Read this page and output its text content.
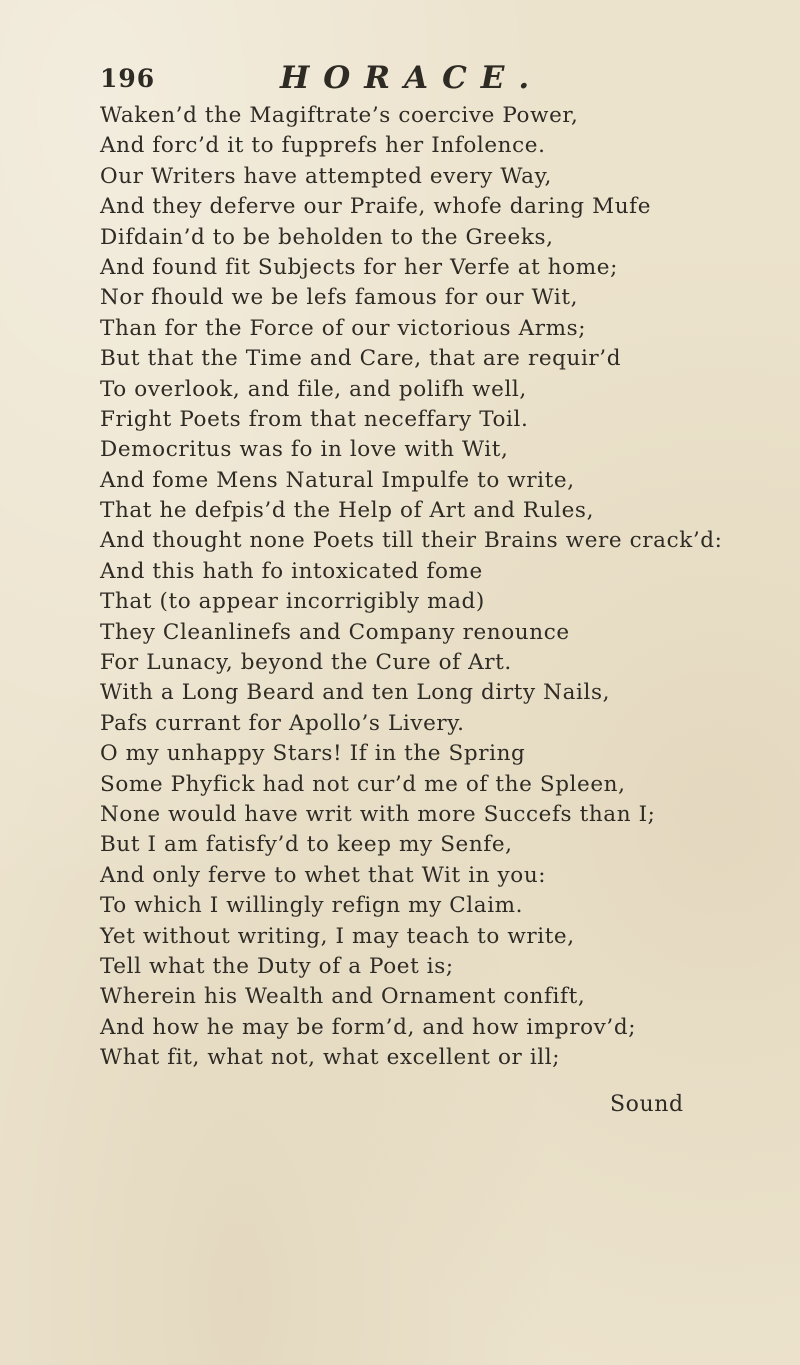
196	HORACE.
Waken’d the Magiftrate’s coercive Power,
And forc’d it to fupprefs her Infolence.
Our Writers have attempted every Way,
And they deferve our Praife, whofe daring Mufe
Difdain’d to be beholden to the Greeks,
And found fit Subjects for her Verfe at home;
Nor fhould we be lefs famous for our Wit,
Than for the Force of our victorious Arms;
But that the Time and Care, that are requir’d
To overlook, and file, and polifh well,
Fright Poets from that neceffary Toil.
Democritus was fo in love with Wit,
And fome Mens Natural Impulfe to write,
That he defpis’d the Help of Art and Rules,
And thought none Poets till their Brains were crack’d:
And this hath fo intoxicated fome
That (to appear incorrigibly mad)
They Cleanlinefs and Company renounce
For Lunacy, beyond the Cure of Art.
With a Long Beard and ten Long dirty Nails,
Pafs currant for Apollo’s Livery.
O my unhappy Stars! If in the Spring
Some Phyfick had not cur’d me of the Spleen,
None would have writ with more Succefs than I;
But I am fatisfy’d to keep my Senfe,
And only ferve to whet that Wit in you:
To which I willingly refign my Claim.
Yet without writing, I may teach to write,
Tell what the Duty of a Poet is;
Wherein his Wealth and Ornament confift,
And how he may be form’d, and how improv’d;
What fit, what not, what excellent or ill;
Sound
